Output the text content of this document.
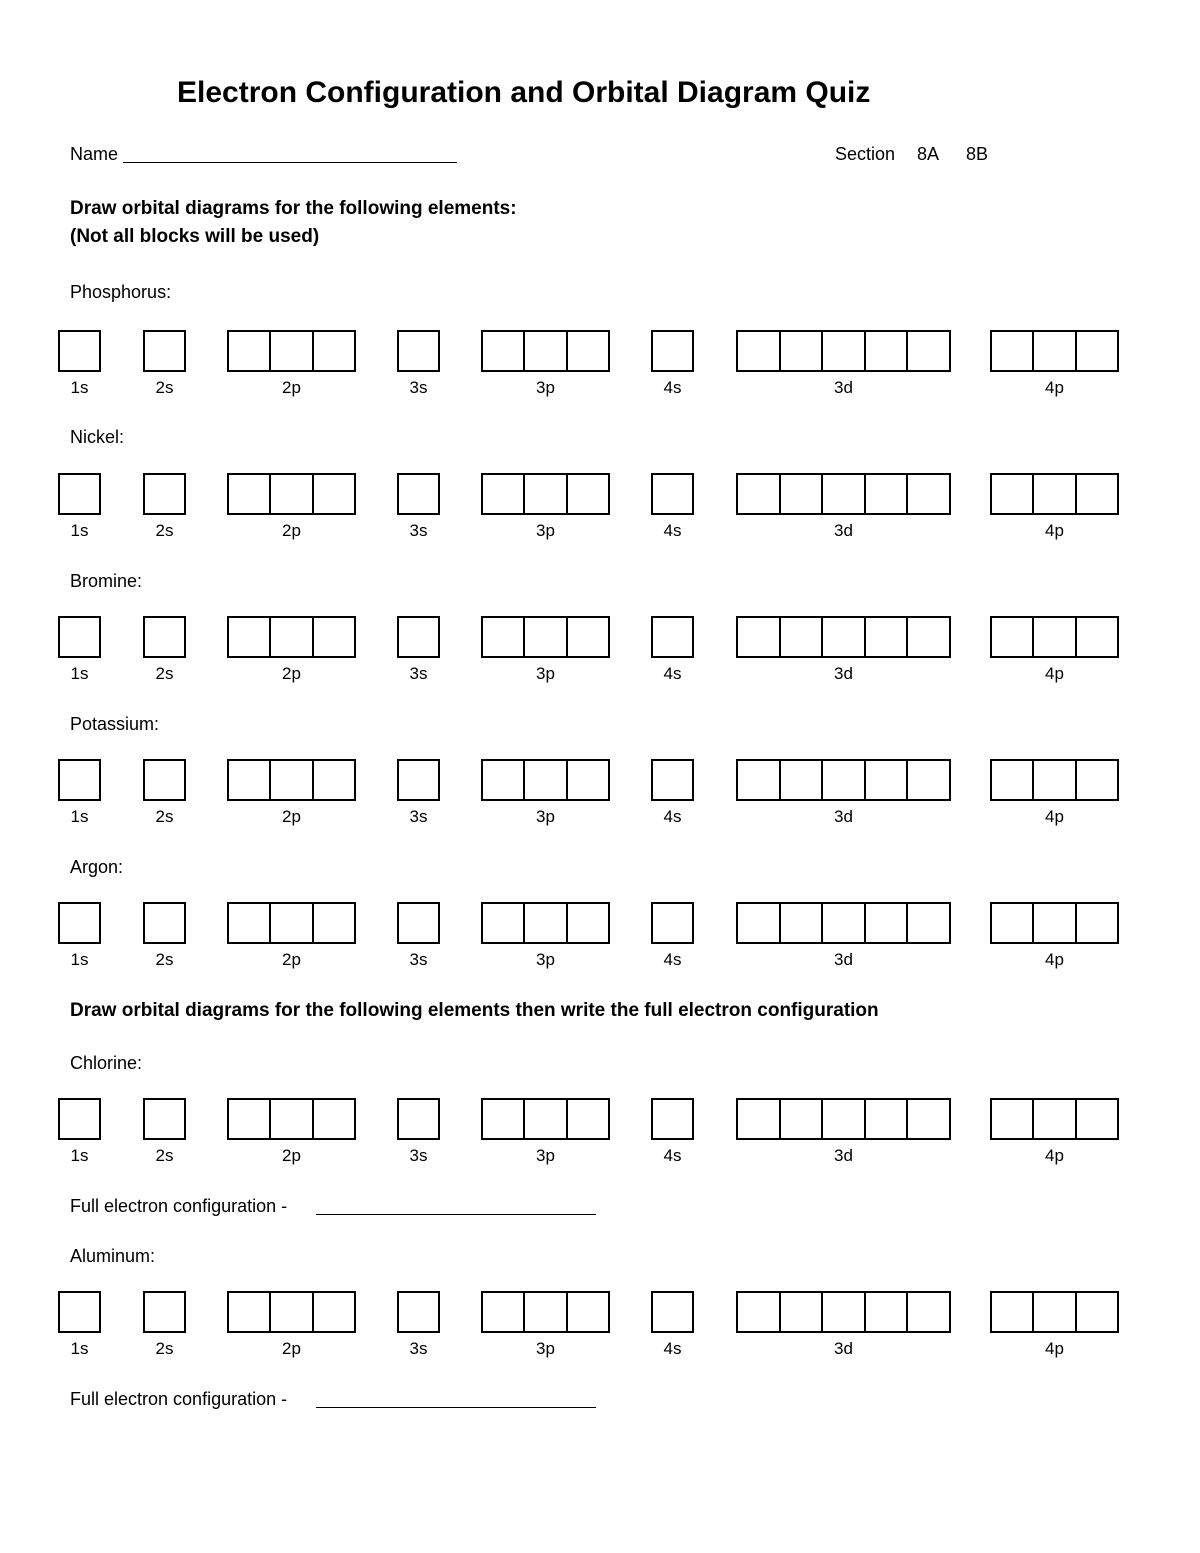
Electron Configuration and Orbital Diagram Quiz
Name	Section 8A 8B
Draw orbital diagrams for the following elements:
(Not all blocks will be used)
Phosphorus:
1s	2s	2p	3s	3p	4s	3d	4p
Nickel:
1s	2s	2p	3s	3p	4s	3d	4p
Bromine:
1s	2s	2p	3s	3p	4s	3d	4p
Potassium:
1s	2s	2p	3s	3p	4s	3d	4p
Argon:
1s	2s	2p	3s	3p	4s	3d	4p
Draw orbital diagrams for the following elements then write the full electron configuration
Chlorine:
1s	2s	2p	3s	3p	4s	3d	4p
Full electron configuration -
Aluminum:
1s	2s	2p	3s	3p	4s	3d	4p
Full electron configuration -
